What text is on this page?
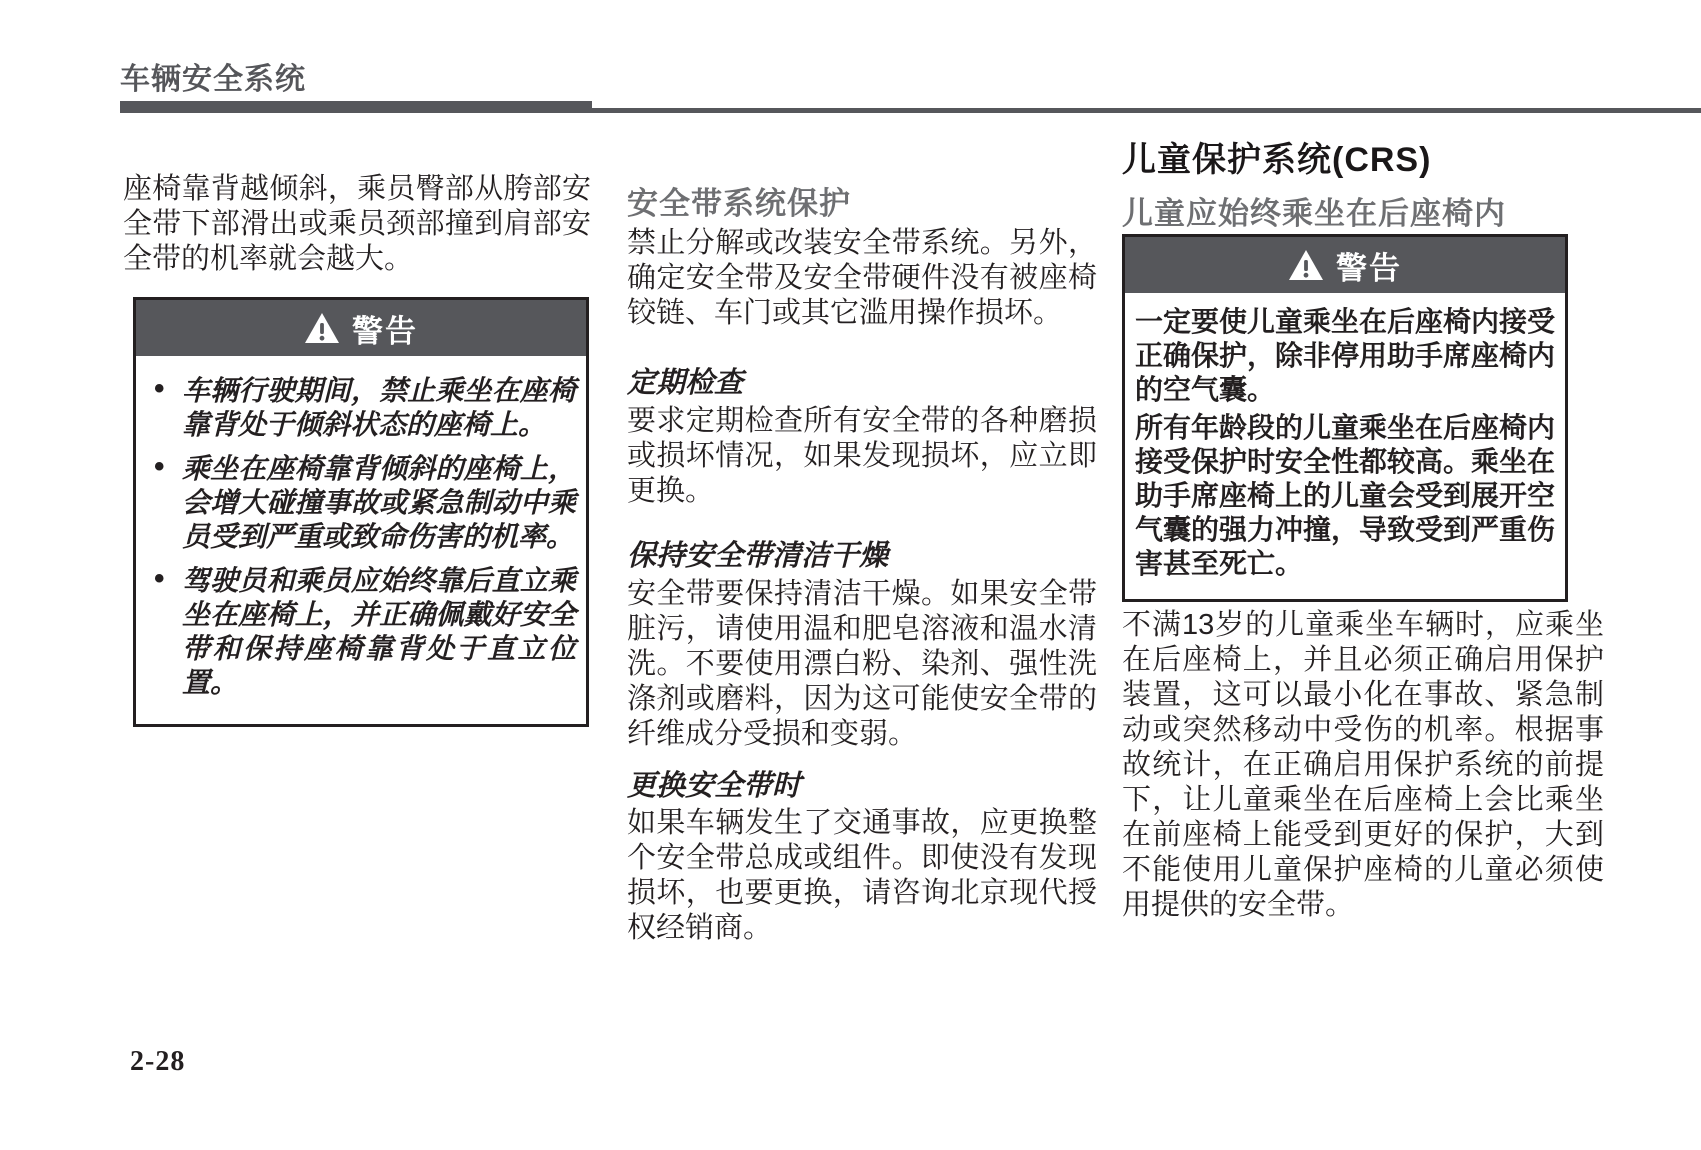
车辆安全系统
座椅靠背越倾斜，乘员臀部从胯部安全带下部滑出或乘员颈部撞到肩部安全带的机率就会越大。
警告
• 车辆行驶期间，禁止乘坐在座椅靠背处于倾斜状态的座椅上。
• 乘坐在座椅靠背倾斜的座椅上，会增大碰撞事故或紧急制动中乘员受到严重或致命伤害的机率。
• 驾驶员和乘员应始终靠后直立乘坐在座椅上，并正确佩戴好安全带和保持座椅靠背处于直立位置。
安全带系统保护
禁止分解或改装安全带系统。另外，确定安全带及安全带硬件没有被座椅铰链、车门或其它滥用操作损坏。
定期检查
要求定期检查所有安全带的各种磨损或损坏情况，如果发现损坏，应立即更换。
保持安全带清洁干燥
安全带要保持清洁干燥。如果安全带脏污，请使用温和肥皂溶液和温水清洗。不要使用漂白粉、染剂、强性洗涤剂或磨料，因为这可能使安全带的纤维成分受损和变弱。
更换安全带时
如果车辆发生了交通事故，应更换整个安全带总成或组件。即使没有发现损坏，也要更换，请咨询北京现代授权经销商。
儿童保护系统(CRS)
儿童应始终乘坐在后座椅内
警告

一定要使儿童乘坐在后座椅内接受正确保护，除非停用助手席座椅内的空气囊。

所有年龄段的儿童乘坐在后座椅内接受保护时安全性都较高。乘坐在助手席座椅上的儿童会受到展开空气囊的强力冲撞，导致受到严重伤害甚至死亡。

不满13岁的儿童乘坐车辆时，应乘坐在后座椅上，并且必须正确启用保护装置，这可以最小化在事故、紧急制动或突然移动中受伤的机率。根据事故统计，在正确启用保护系统的前提下，让儿童乘坐在后座椅上会比乘坐在前座椅上能受到更好的保护，大到不能使用儿童保护座椅的儿童必须使用提供的安全带。
2-28
